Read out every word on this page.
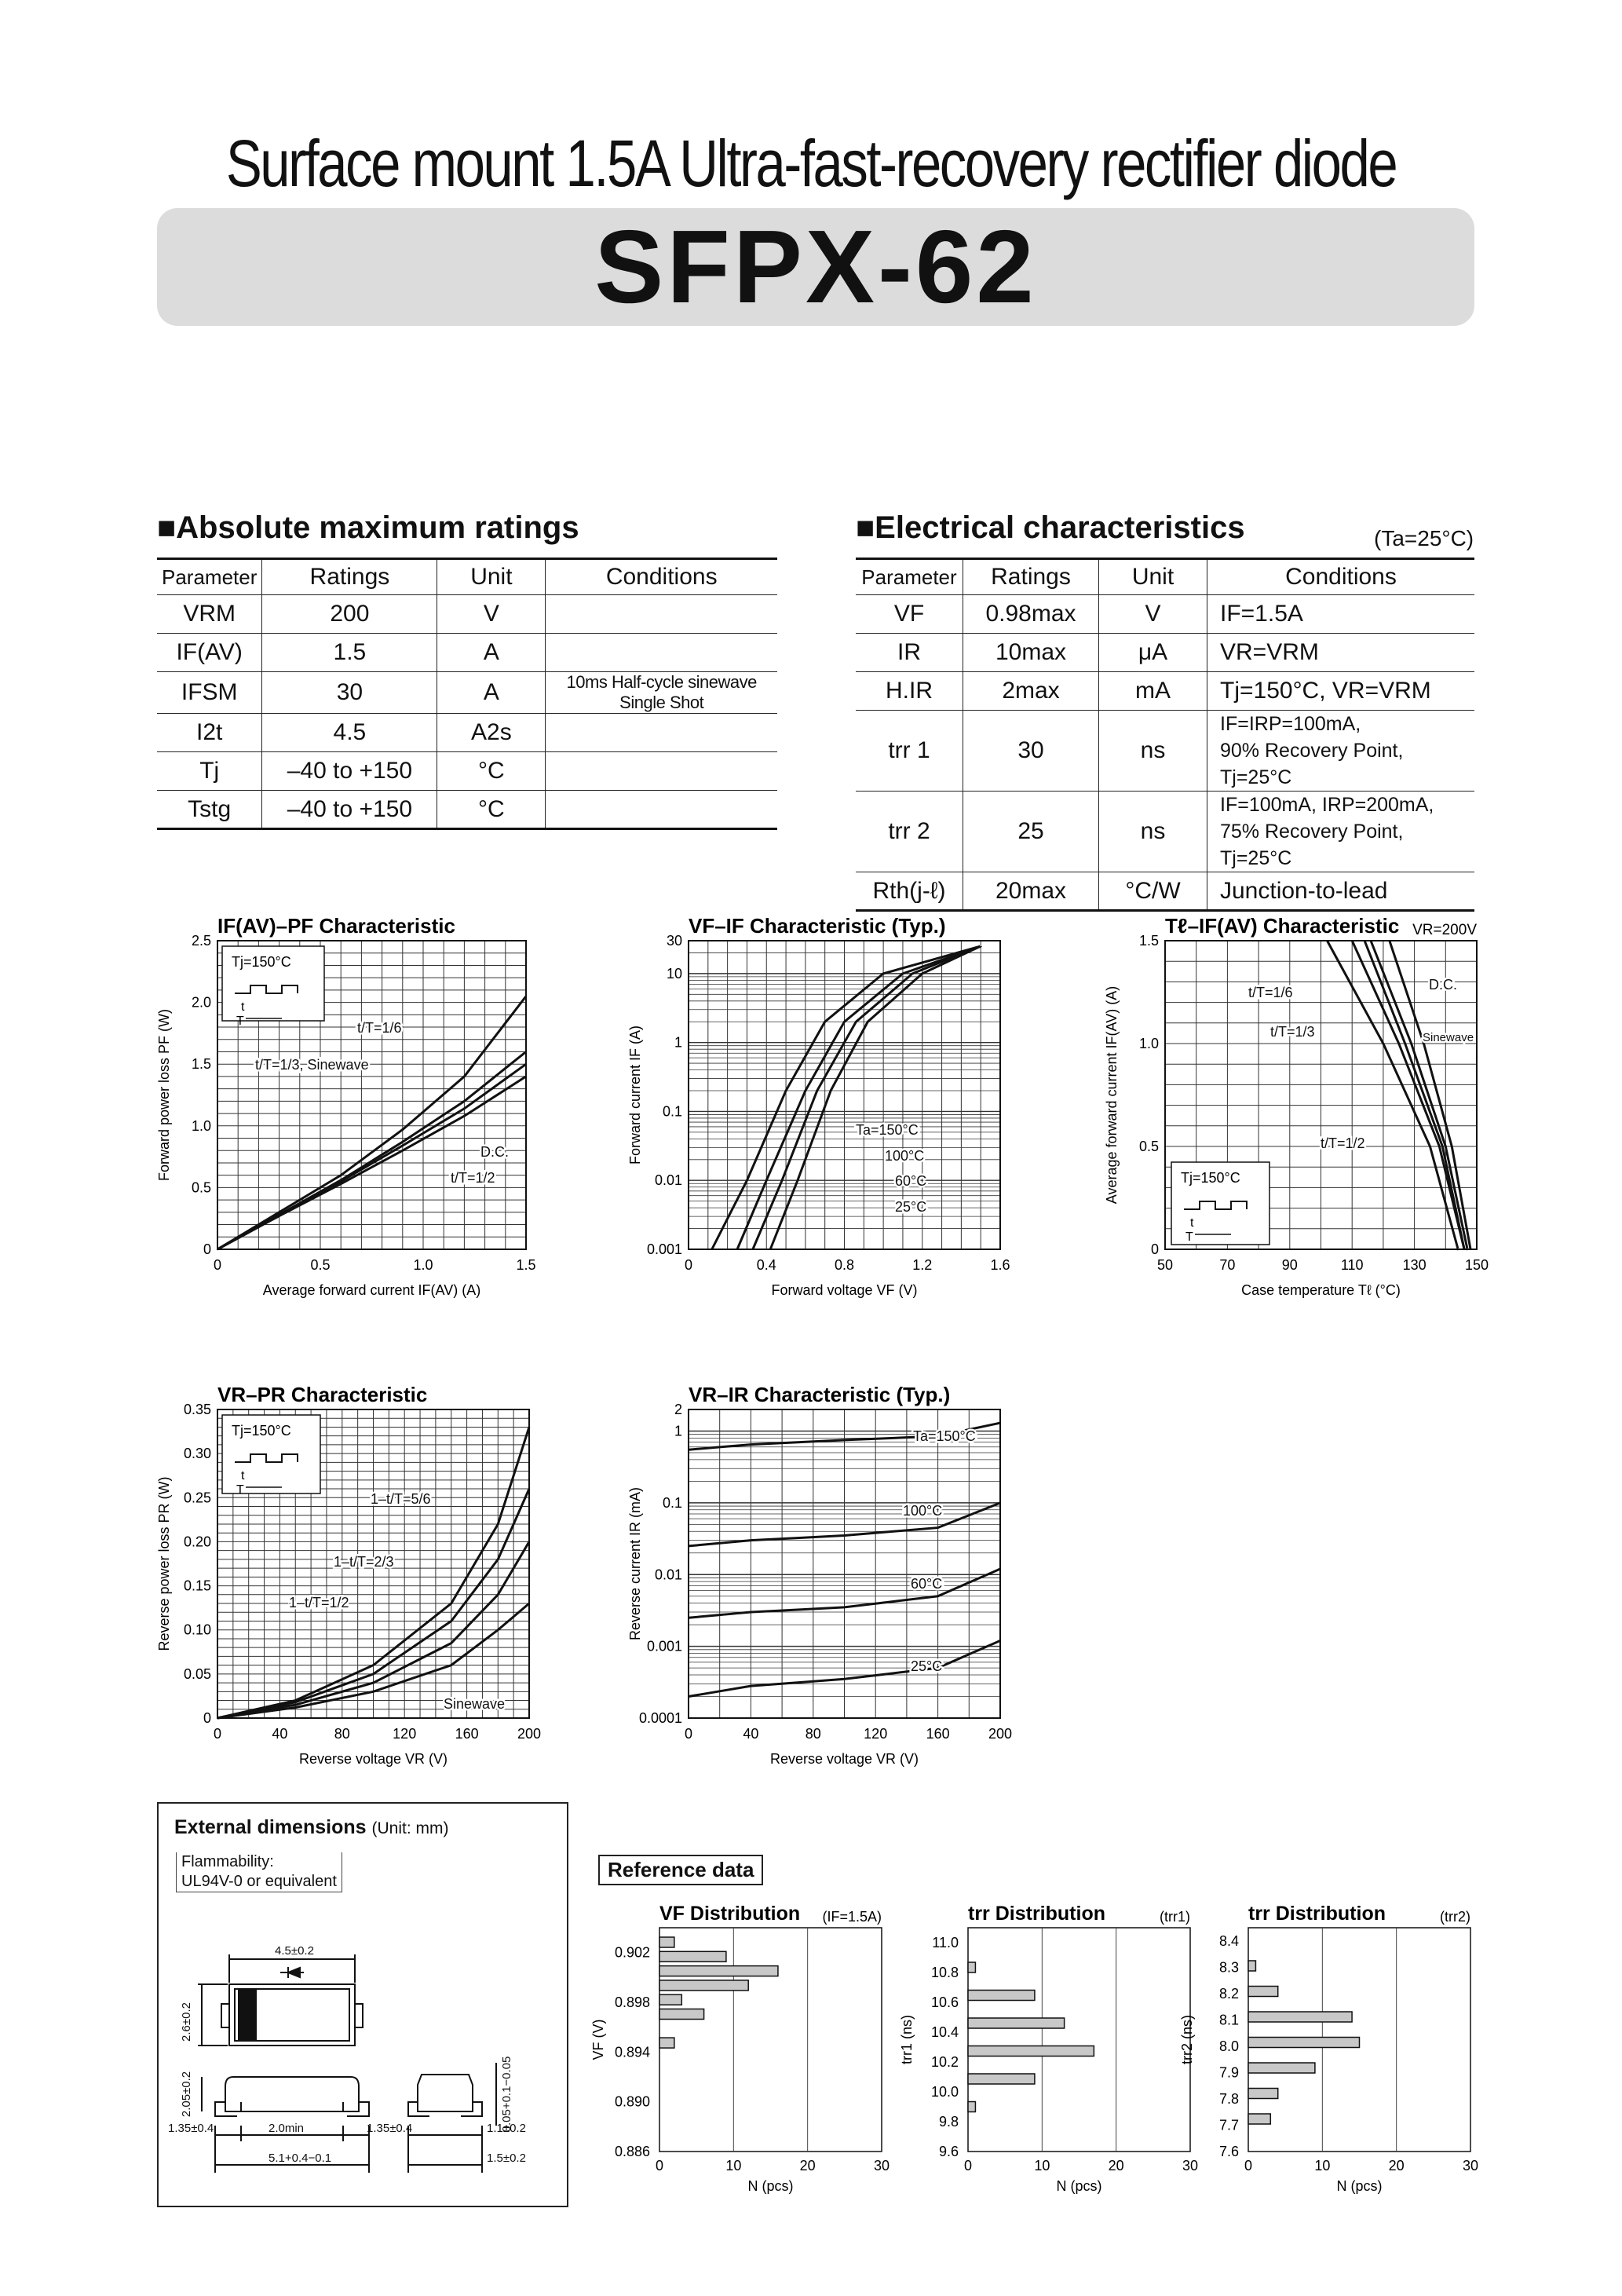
Surface mount 1.5A Ultra-fast-recovery rectifier diode
SFPX-62
■Absolute maximum ratings
Parameter	Ratings	Unit	Conditions
VRM	200	V	
IF(AV)	1.5	A	
IFSM	30	A	10ms Half-cycle sinewave Single Shot
I2t	4.5	A2s	
Tj	–40 to +150	°C	
Tstg	–40 to +150	°C	
■Electrical characteristics	(Ta=25°C)
Parameter	Ratings	Unit	Conditions
VF	0.98max	V	IF=1.5A
IR	10max	μA	VR=VRM
H.IR	2max	mA	Tj=150°C, VR=VRM
trr 1	30	ns	IF=IRP=100mA,
90% Recovery Point, Tj=25°C

trr 2	25	ns	IF=100mA, IRP=200mA,
75% Recovery Point, Tj=25°C

Rth(j-ℓ)	20max	°C/W	Junction-to-lead
0	0.5	1.0	1.5
0
0.5
1.0
1.5
2.0
2.5
Average forward current IF(AV) (A)
Forward power loss PF (W)
IF(AV)–PF Characteristic
t/T=1/6
t/T=1/3, Sinewave
D.C.
t/T=1/2
Tj=150°C
t
T
0	0.4	0.8	1.2	1.6
0.001
0.01
0.1
1
10
30
Forward voltage VF (V)
Forward current IF (A)
VF–IF Characteristic (Typ.)
Ta=150°C
100°C
60°C
25°C
50	70	90	110	130	150
0
0.5
1.0
1.5
Case temperature Tℓ (°C)
Average forward current IF(AV) (A)
Tℓ–IF(AV) Characteristic VR=200V
t/T=1/6
t/T=1/3
D.C.
Sinewave
t/T=1/2
Tj=150°C
t
T
0	40	80	120	160	200
0
0.05
0.10
0.15
0.20
0.25
0.30
0.35
Reverse voltage VR (V)
Reverse power loss PR (W)
VR–PR Characteristic
1–t/T=5/6
1–t/T=2/3
1–t/T=1/2
Sinewave
Tj=150°C
t
T
0	40	80	120	160	200
0.0001
0.001
0.01
0.1
1
2
Reverse voltage VR (V)
Reverse current IR (mA)
VR–IR Characteristic (Typ.)
Ta=150°C
100°C
60°C
25°C
External dimensions (Unit: mm)
Flammability:
UL94V-0 or equivalent
4.5±0.2
2.6±0.2
2.05±0.2
1.35±0.4	2.0min	1.35±0.4
5.1+0.4−0.1
0.05+0.1−0.05
1.1±0.2
1.5±0.2
Reference data
VF Distribution (IF=1.5A)
0	10	20	30
0.902
0.898
0.894
0.890
0.886
N (pcs)
VF (V)
trr Distribution	(trr1)
0	10	20	30
11.0
10.8
10.6
10.4
10.2
10.0
9.8
9.6
N (pcs)
trr1 (ns)
trr Distribution	(trr2)
0	10	20	30
8.4
8.3
8.2
8.1
8.0
7.9
7.8
7.7
7.6
N (pcs)
trr2 (ns)
